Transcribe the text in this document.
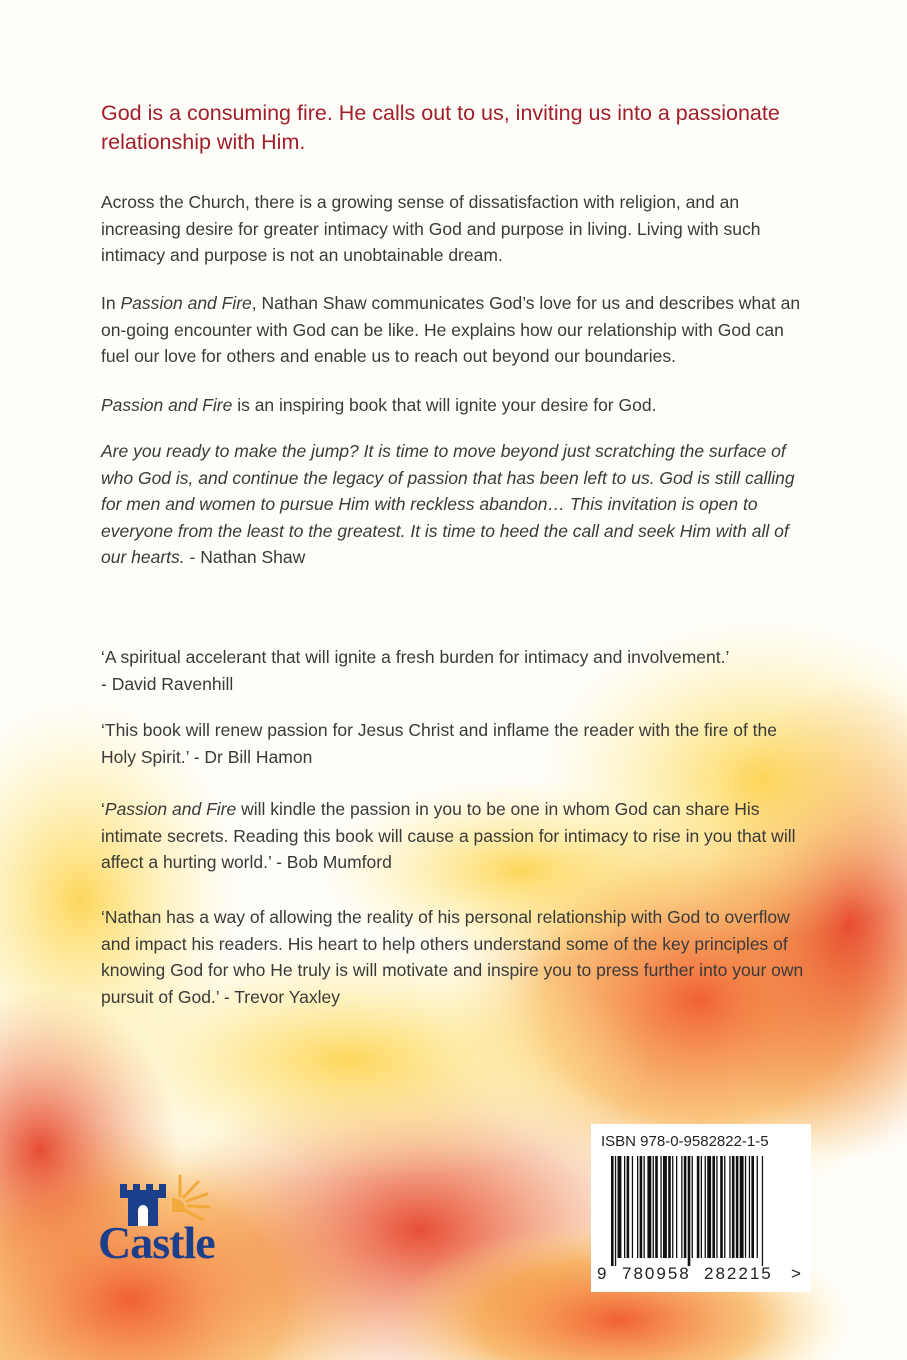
God is a consuming fire. He calls out to us, inviting us into a passionate relationship with Him.

Across the Church, there is a growing sense of dissatisfaction with religion, and an increasing desire for greater intimacy with God and purpose in living. Living with such intimacy and purpose is not an unobtainable dream.

In Passion and Fire, Nathan Shaw communicates God’s love for us and describes what an on-going encounter with God can be like. He explains how our relationship with God can fuel our love for others and enable us to reach out beyond our boundaries.

Passion and Fire is an inspiring book that will ignite your desire for God.

Are you ready to make the jump? It is time to move beyond just scratching the surface of who God is, and continue the legacy of passion that has been left to us. God is still calling for men and women to pursue Him with reckless abandon… This invitation is open to everyone from the least to the greatest. It is time to heed the call and seek Him with all of our hearts. - Nathan Shaw

‘A spiritual accelerant that will ignite a fresh burden for intimacy and involvement.’
- David Ravenhill

‘This book will renew passion for Jesus Christ and inflame the reader with the fire of the Holy Spirit.’ - Dr Bill Hamon

‘Passion and Fire will kindle the passion in you to be one in whom God can share His intimate secrets. Reading this book will cause a passion for intimacy to rise in you that will affect a hurting world.’ - Bob Mumford

‘Nathan has a way of allowing the reality of his personal relationship with God to overflow and impact his readers. His heart to help others understand some of the key principles of knowing God for who He truly is will motivate and inspire you to press further into your own pursuit of God.’ - Trevor Yaxley

Castle
ISBN 978-0-9582822-1-5
9 780958 282215 >
